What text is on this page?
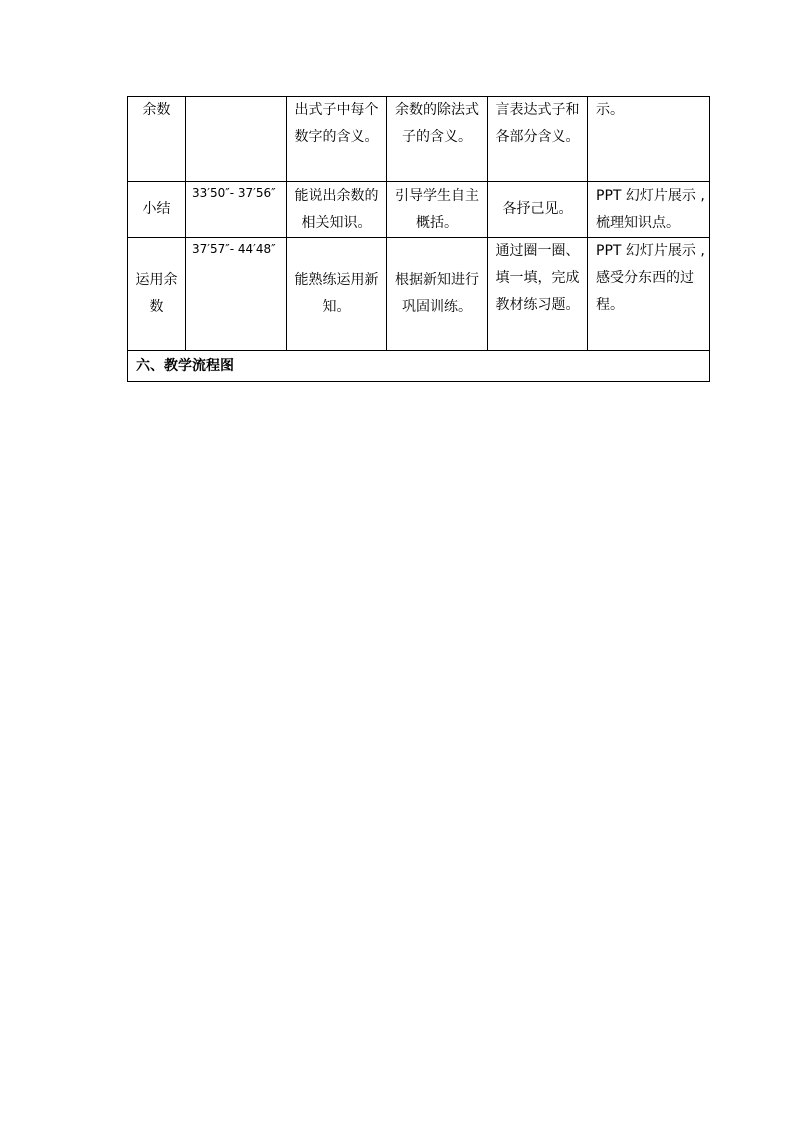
余数		出式子中每个数字的含义。	余数的除法式子的含义。	言表达式子和各部分含义。	示。

小结	33′50″- 37′56″	能说出余数的相关知识。	引导学生自主概括。	各抒己见。	PPT 幻灯片展示 ,梳理知识点。

运用余数	37′57″- 44′48″	能熟练运用新知。	根据新知进行巩固训练。	通过圈一圈、填一填，完成教材练习题。	PPT 幻灯片展示 ,感受分东西的过程。

六、教学流程图					
